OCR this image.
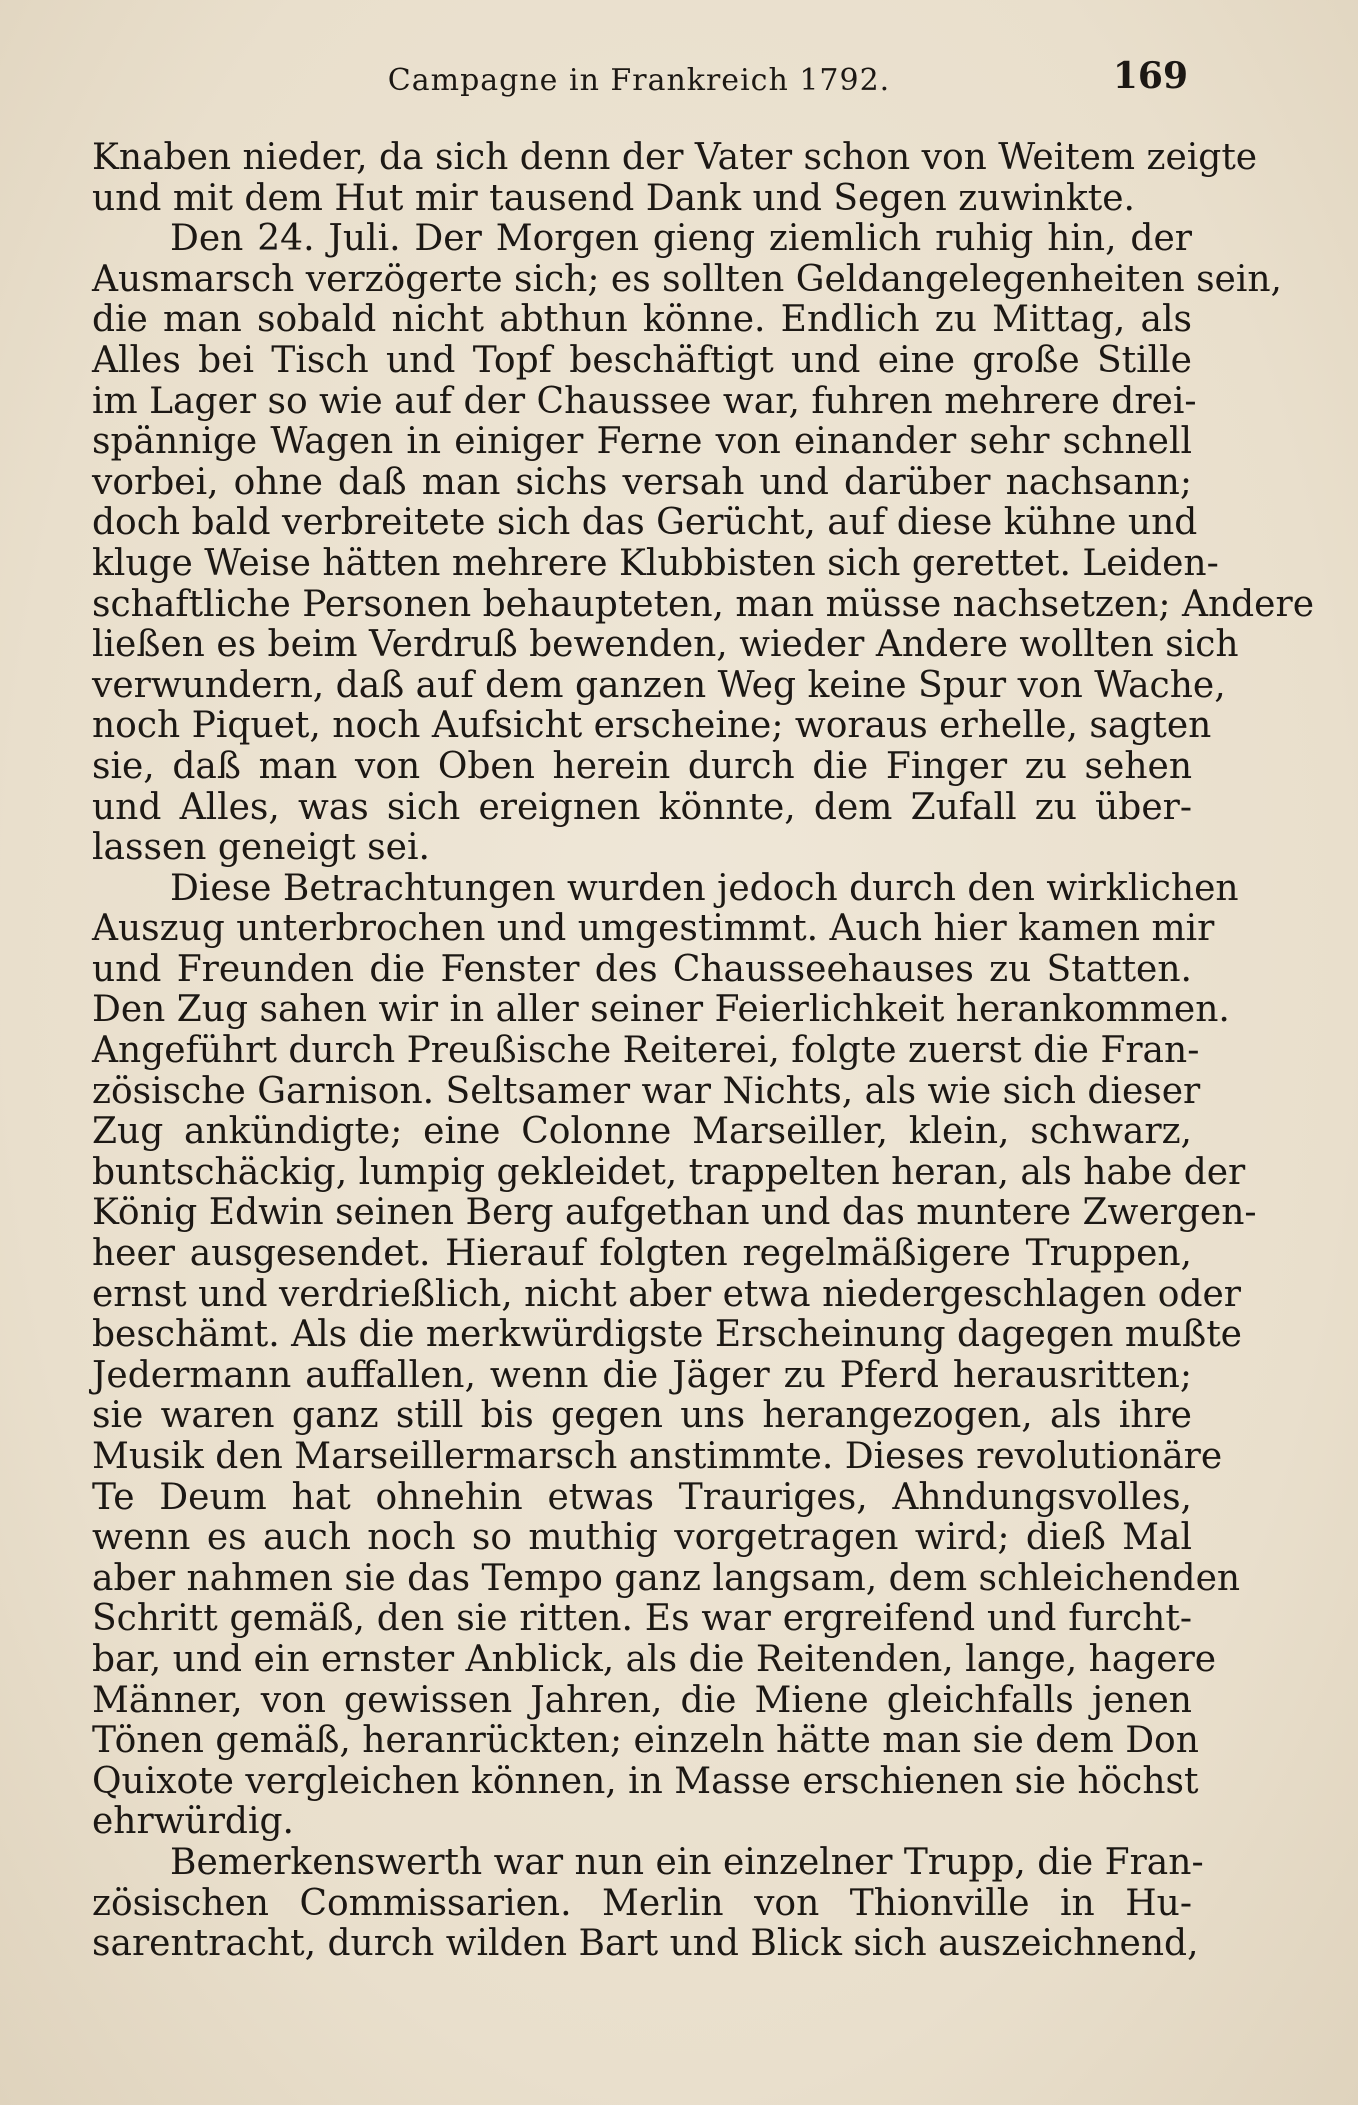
Campagne in Frankreich 1792.	169
Knaben nieder, da sich denn der Vater schon von Weitem zeigte
und mit dem Hut mir tausend Dank und Segen zuwinkte.
Den 24. Juli. Der Morgen gieng ziemlich ruhig hin, der
Ausmarsch verzögerte sich; es sollten Geldangelegenheiten sein,
die man sobald nicht abthun könne. Endlich zu Mittag, als
Alles bei Tisch und Topf beschäftigt und eine große Stille
im Lager so wie auf der Chaussee war, fuhren mehrere drei-
spännige Wagen in einiger Ferne von einander sehr schnell
vorbei, ohne daß man sichs versah und darüber nachsann;
doch bald verbreitete sich das Gerücht, auf diese kühne und
kluge Weise hätten mehrere Klubbisten sich gerettet. Leiden-
schaftliche Personen behaupteten, man müsse nachsetzen; Andere
ließen es beim Verdruß bewenden, wieder Andere wollten sich
verwundern, daß auf dem ganzen Weg keine Spur von Wache,
noch Piquet, noch Aufsicht erscheine; woraus erhelle, sagten
sie, daß man von Oben herein durch die Finger zu sehen
und Alles, was sich ereignen könnte, dem Zufall zu über-
lassen geneigt sei.
Diese Betrachtungen wurden jedoch durch den wirklichen
Auszug unterbrochen und umgestimmt. Auch hier kamen mir
und Freunden die Fenster des Chausseehauses zu Statten.
Den Zug sahen wir in aller seiner Feierlichkeit herankommen.
Angeführt durch Preußische Reiterei, folgte zuerst die Fran-
zösische Garnison. Seltsamer war Nichts, als wie sich dieser
Zug ankündigte; eine Colonne Marseiller, klein, schwarz,
buntschäckig, lumpig gekleidet, trappelten heran, als habe der
König Edwin seinen Berg aufgethan und das muntere Zwergen-
heer ausgesendet. Hierauf folgten regelmäßigere Truppen,
ernst und verdrießlich, nicht aber etwa niedergeschlagen oder
beschämt. Als die merkwürdigste Erscheinung dagegen mußte
Jedermann auffallen, wenn die Jäger zu Pferd herausritten;
sie waren ganz still bis gegen uns herangezogen, als ihre
Musik den Marseillermarsch anstimmte. Dieses revolutionäre
Te Deum hat ohnehin etwas Trauriges, Ahndungsvolles,
wenn es auch noch so muthig vorgetragen wird; dieß Mal
aber nahmen sie das Tempo ganz langsam, dem schleichenden
Schritt gemäß, den sie ritten. Es war ergreifend und furcht-
bar, und ein ernster Anblick, als die Reitenden, lange, hagere
Männer, von gewissen Jahren, die Miene gleichfalls jenen
Tönen gemäß, heranrückten; einzeln hätte man sie dem Don
Quixote vergleichen können, in Masse erschienen sie höchst
ehrwürdig.
Bemerkenswerth war nun ein einzelner Trupp, die Fran-
zösischen Commissarien. Merlin von Thionville in Hu-
sarentracht, durch wilden Bart und Blick sich auszeichnend,
